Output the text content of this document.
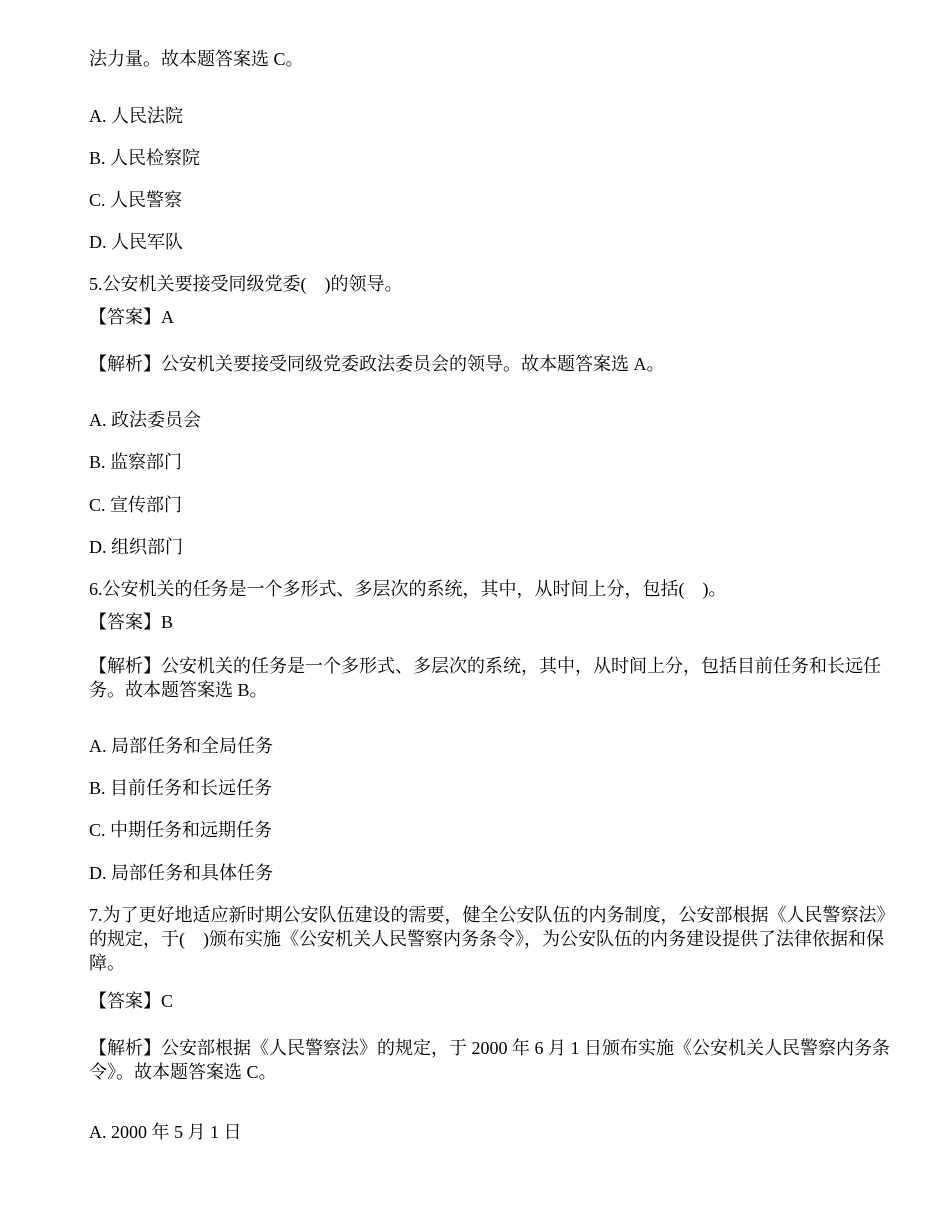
法力量。故本题答案选 C。
A. 人民法院
B. 人民检察院
C. 人民警察
D. 人民军队
5.公安机关要接受同级党委(　)的领导。
【答案】A
【解析】公安机关要接受同级党委政法委员会的领导。故本题答案选 A。
A. 政法委员会
B. 监察部门
C. 宣传部门
D. 组织部门
6.公安机关的任务是一个多形式、多层次的系统，其中，从时间上分，包括(　)。
【答案】B
【解析】公安机关的任务是一个多形式、多层次的系统，其中，从时间上分，包括目前任务和长远任务。故本题答案选 B。
A. 局部任务和全局任务
B. 目前任务和长远任务
C. 中期任务和远期任务
D. 局部任务和具体任务
7.为了更好地适应新时期公安队伍建设的需要，健全公安队伍的内务制度，公安部根据《人民警察法》的规定，于(　)颁布实施《公安机关人民警察内务条令》，为公安队伍的内务建设提供了法律依据和保障。
【答案】C
【解析】公安部根据《人民警察法》的规定，于 2000 年 6 月 1 日颁布实施《公安机关人民警察内务条令》。故本题答案选 C。
A. 2000 年 5 月 1 日
